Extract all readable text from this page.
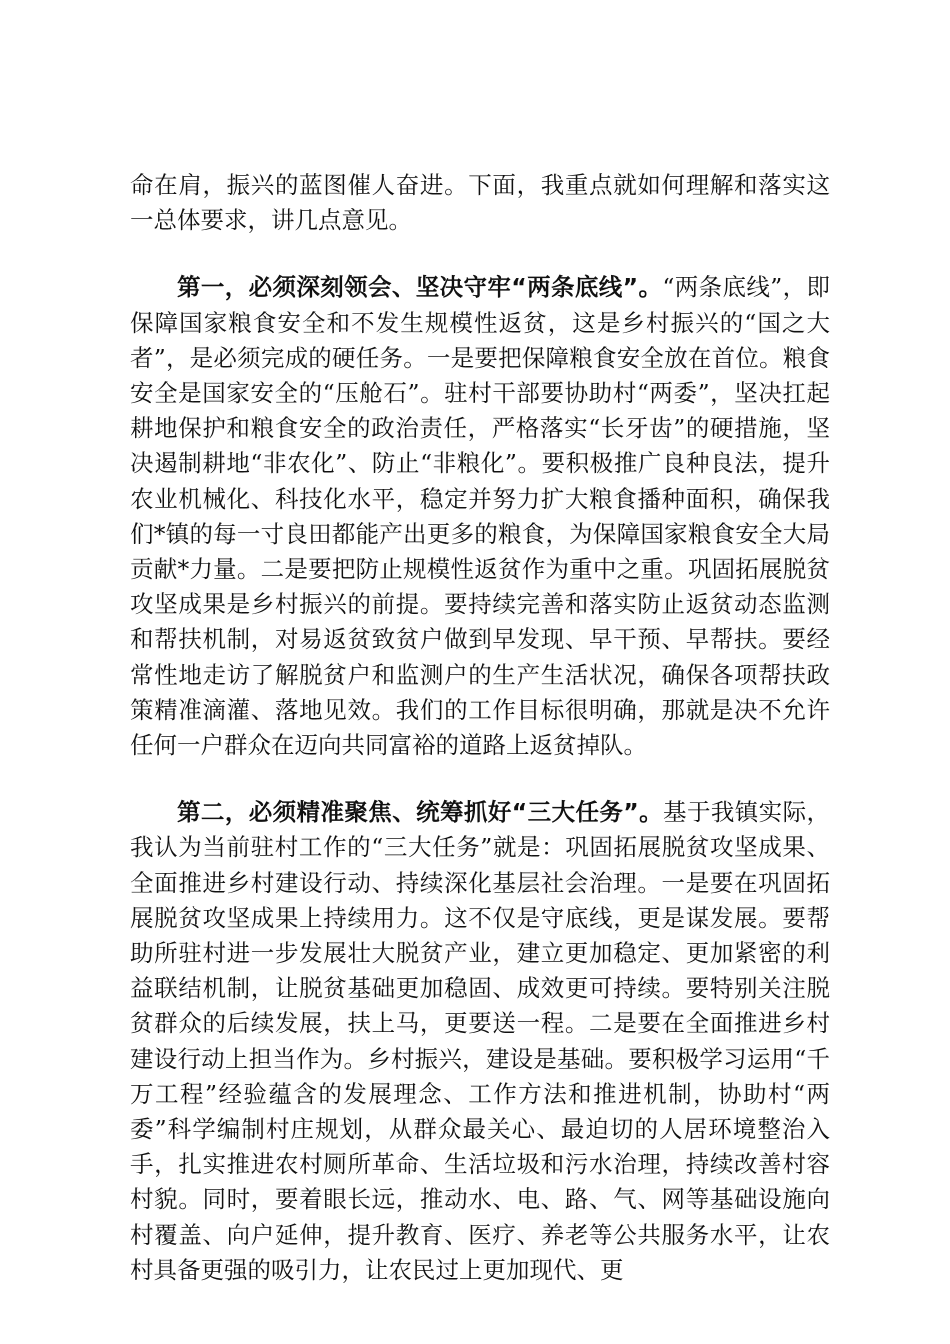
命在肩，振兴的蓝图催人奋进。下面，我重点就如何理解和落实这一总体要求，讲几点意见。

第一，必须深刻领会、坚决守牢“两条底线”。“两条底线”，即保障国家粮食安全和不发生规模性返贫，这是乡村振兴的“国之大者”，是必须完成的硬任务。一是要把保障粮食安全放在首位。粮食安全是国家安全的“压舱石”。驻村干部要协助村“两委”，坚决扛起耕地保护和粮食安全的政治责任，严格落实“长牙齿”的硬措施，坚决遏制耕地“非农化”、防止“非粮化”。要积极推广良种良法，提升农业机械化、科技化水平，稳定并努力扩大粮食播种面积，确保我们*镇的每一寸良田都能产出更多的粮食，为保障国家粮食安全大局贡献*力量。二是要把防止规模性返贫作为重中之重。巩固拓展脱贫攻坚成果是乡村振兴的前提。要持续完善和落实防止返贫动态监测和帮扶机制，对易返贫致贫户做到早发现、早干预、早帮扶。要经常性地走访了解脱贫户和监测户的生产生活状况，确保各项帮扶政策精准滴灌、落地见效。我们的工作目标很明确，那就是决不允许任何一户群众在迈向共同富裕的道路上返贫掉队。

第二，必须精准聚焦、统筹抓好“三大任务”。基于我镇实际，我认为当前驻村工作的“三大任务”就是：巩固拓展脱贫攻坚成果、全面推进乡村建设行动、持续深化基层社会治理。一是要在巩固拓展脱贫攻坚成果上持续用力。这不仅是守底线，更是谋发展。要帮助所驻村进一步发展壮大脱贫产业，建立更加稳定、更加紧密的利益联结机制，让脱贫基础更加稳固、成效更可持续。要特别关注脱贫群众的后续发展，扶上马，更要送一程。二是要在全面推进乡村建设行动上担当作为。乡村振兴，建设是基础。要积极学习运用“千万工程”经验蕴含的发展理念、工作方法和推进机制，协助村“两委”科学编制村庄规划，从群众最关心、最迫切的人居环境整治入手，扎实推进农村厕所革命、生活垃圾和污水治理，持续改善村容村貌。同时，要着眼长远，推动水、电、路、气、网等基础设施向村覆盖、向户延伸，提升教育、医疗、养老等公共服务水平，让农村具备更强的吸引力，让农民过上更加现代、更
